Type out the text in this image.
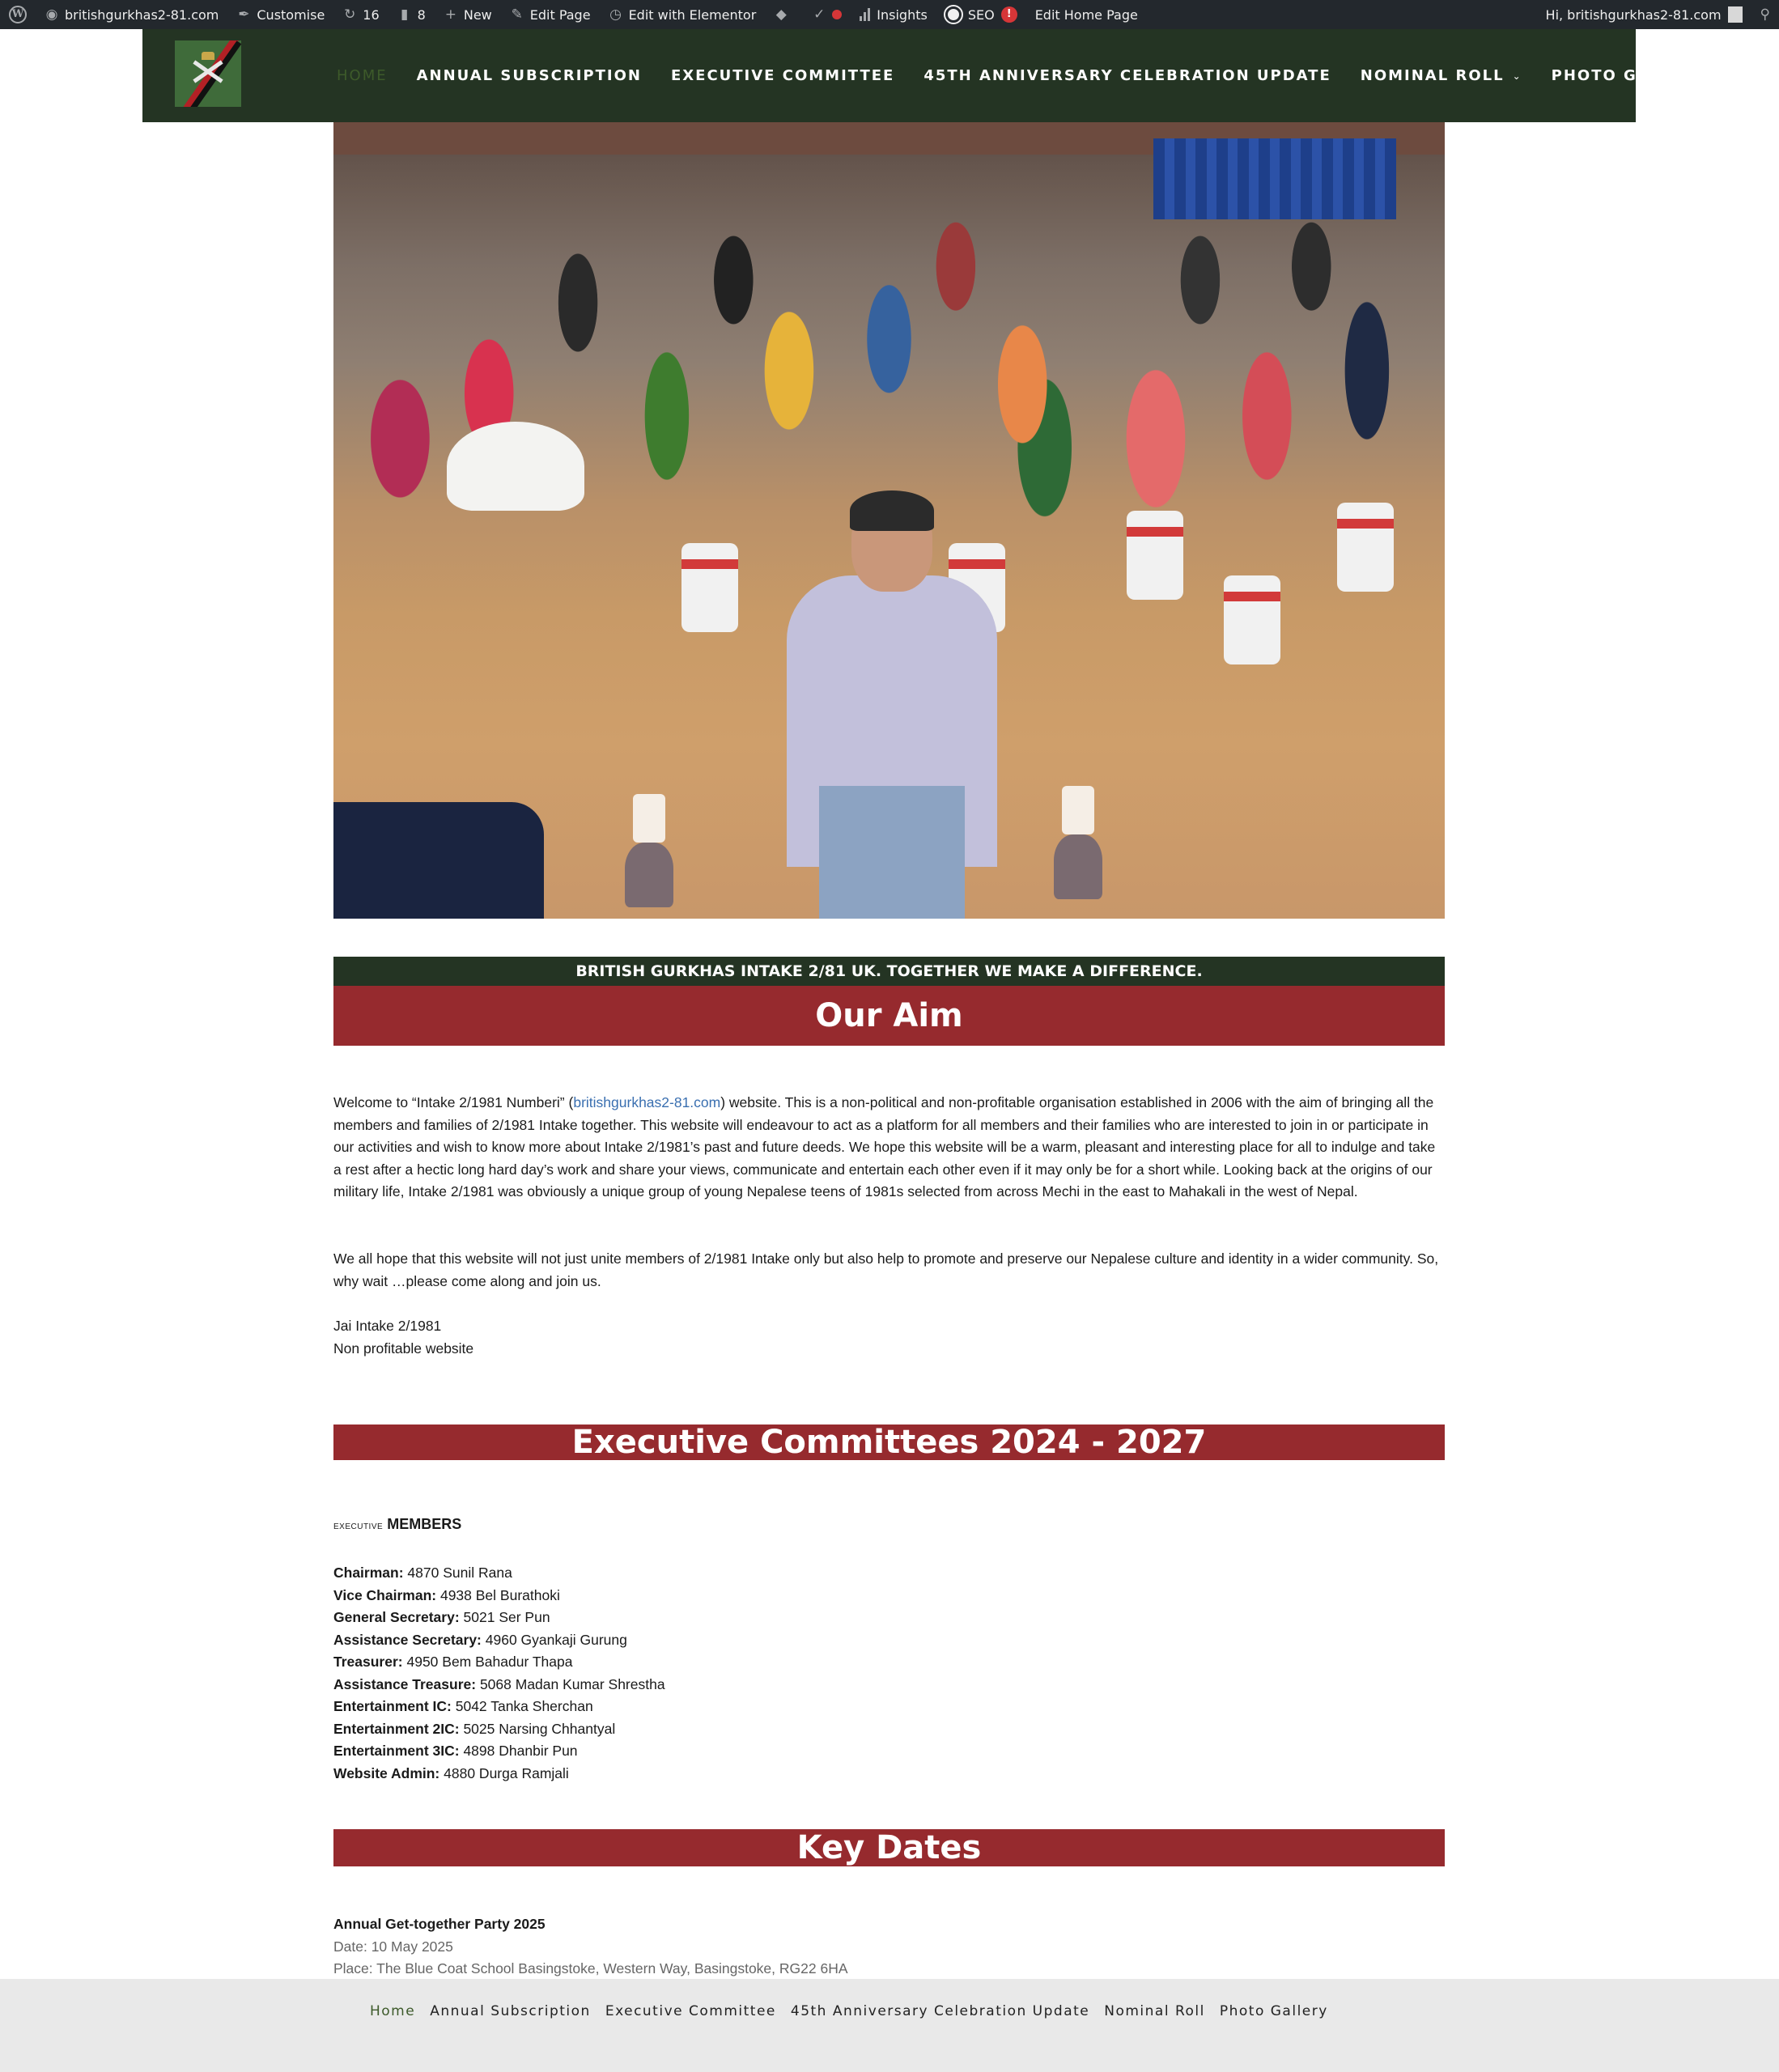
W ◉ britishgurkhas2-81.com ✒ Customise ↻ 16 ▮ 8 + New ✎ Edit Page ◷ Edit with Elementor ◆ ✓	Insights	SEO	!	Edit Home Page	Hi, britishgurkhas2-81.com	⚲
HOME ANNUAL SUBSCRIPTION EXECUTIVE COMMITTEE 45TH ANNIVERSARY CELEBRATION UPDATE NOMINAL ROLL ⌄ PHOTO GALLERY ⌄
BRITISH GURKHAS INTAKE 2/81 UK. TOGETHER WE MAKE A DIFFERENCE.
Our Aim
Welcome to “Intake 2/1981 Numberi” (britishgurkhas2-81.com) website. This is a non-political and non-profitable organisation established in 2006 with the aim of bringing all the members and families of 2/1981 Intake together. This website will endeavour to act as a platform for all members and their families who are interested to join in or participate in our activities and wish to know more about Intake 2/1981’s past and future deeds. We hope this website will be a warm, pleasant and interesting place for all to indulge and take a rest after a hectic long hard day’s work and share your views, communicate and entertain each other even if it may only be for a short while. Looking back at the origins of our military life, Intake 2/1981 was obviously a unique group of young Nepalese teens of 1981s selected from across Mechi in the east to Mahakali in the west of Nepal.
We all hope that this website will not just unite members of 2/1981 Intake only but also help to promote and preserve our Nepalese culture and identity in a wider community. So, why wait …please come along and join us.
Jai Intake 2/1981
Non profitable website
Executive Committees 2024 - 2027
EXECUTIVE MEMBERS
Chairman: 4870 Sunil Rana
Vice Chairman: 4938 Bel Burathoki
General Secretary: 5021 Ser Pun
Assistance Secretary: 4960 Gyankaji Gurung
Treasurer: 4950 Bem Bahadur Thapa
Assistance Treasure: 5068 Madan Kumar Shrestha
Entertainment IC: 5042 Tanka Sherchan
Entertainment 2IC: 5025 Narsing Chhantyal
Entertainment 3IC: 4898 Dhanbir Pun
Website Admin: 4880 Durga Ramjali
Key Dates
Annual Get-together Party 2025
Date: 10 May 2025
Place: The Blue Coat School Basingstoke, Western Way, Basingstoke, RG22 6HA
Home Annual Subscription Executive Committee 45th Anniversary Celebration Update Nominal Roll Photo Gallery
